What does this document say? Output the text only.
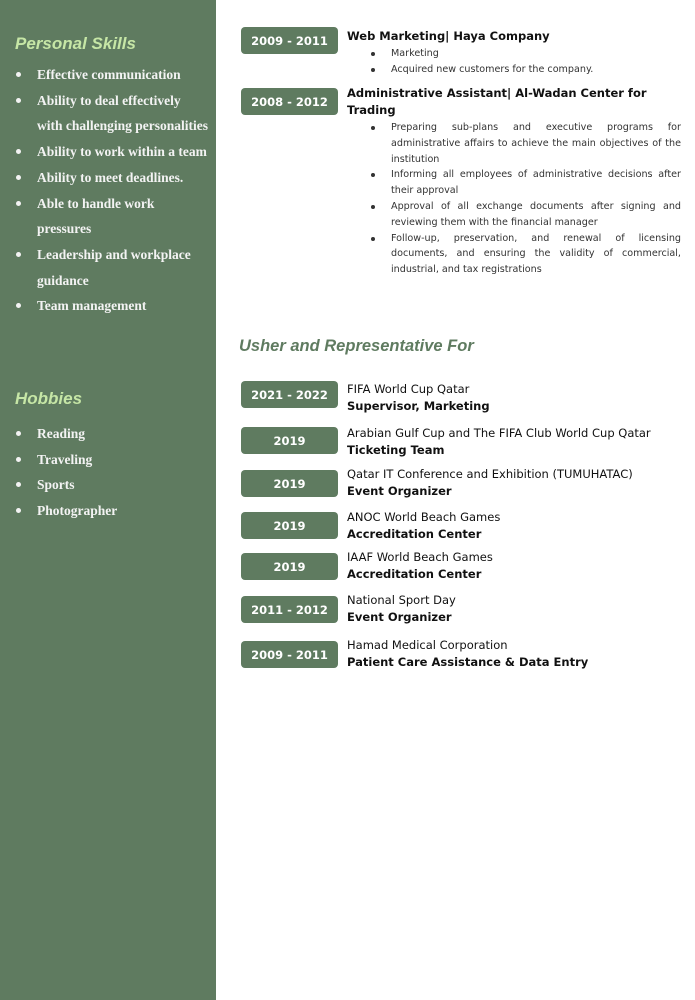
Personal Skills
Effective communication
Ability to deal effectively with challenging personalities
Ability to work within a team
Ability to meet deadlines.
Able to handle work pressures
Leadership and workplace guidance
Team management
Hobbies
Reading
Traveling
Sports
Photographer
2009 - 2011	Web Marketing| Haya Company
Marketing
Acquired new customers for the company.
2008 - 2012
Administrative Assistant| Al-Wadan Center for Trading
Preparing sub-plans and executive programs for administrative affairs to achieve the main objectives of the institution
Informing all employees of administrative decisions after their approval
Approval of all exchange documents after signing and reviewing them with the financial manager
Follow-up, preservation, and renewal of licensing documents, and ensuring the validity of commercial, industrial, and tax registrations
Usher and Representative For
2021 - 2022	FIFA World Cup Qatar
Supervisor, Marketing
2019
Arabian Gulf Cup and The FIFA Club World Cup Qatar
Ticketing Team
2019
Qatar IT Conference and Exhibition (TUMUHATAC)
Event Organizer
2019
ANOC World Beach Games
Accreditation Center
2019
IAAF World Beach Games
Accreditation Center
2011 - 2012
National Sport Day
Event Organizer
2009 - 2011
Hamad Medical Corporation
Patient Care Assistance & Data Entry
